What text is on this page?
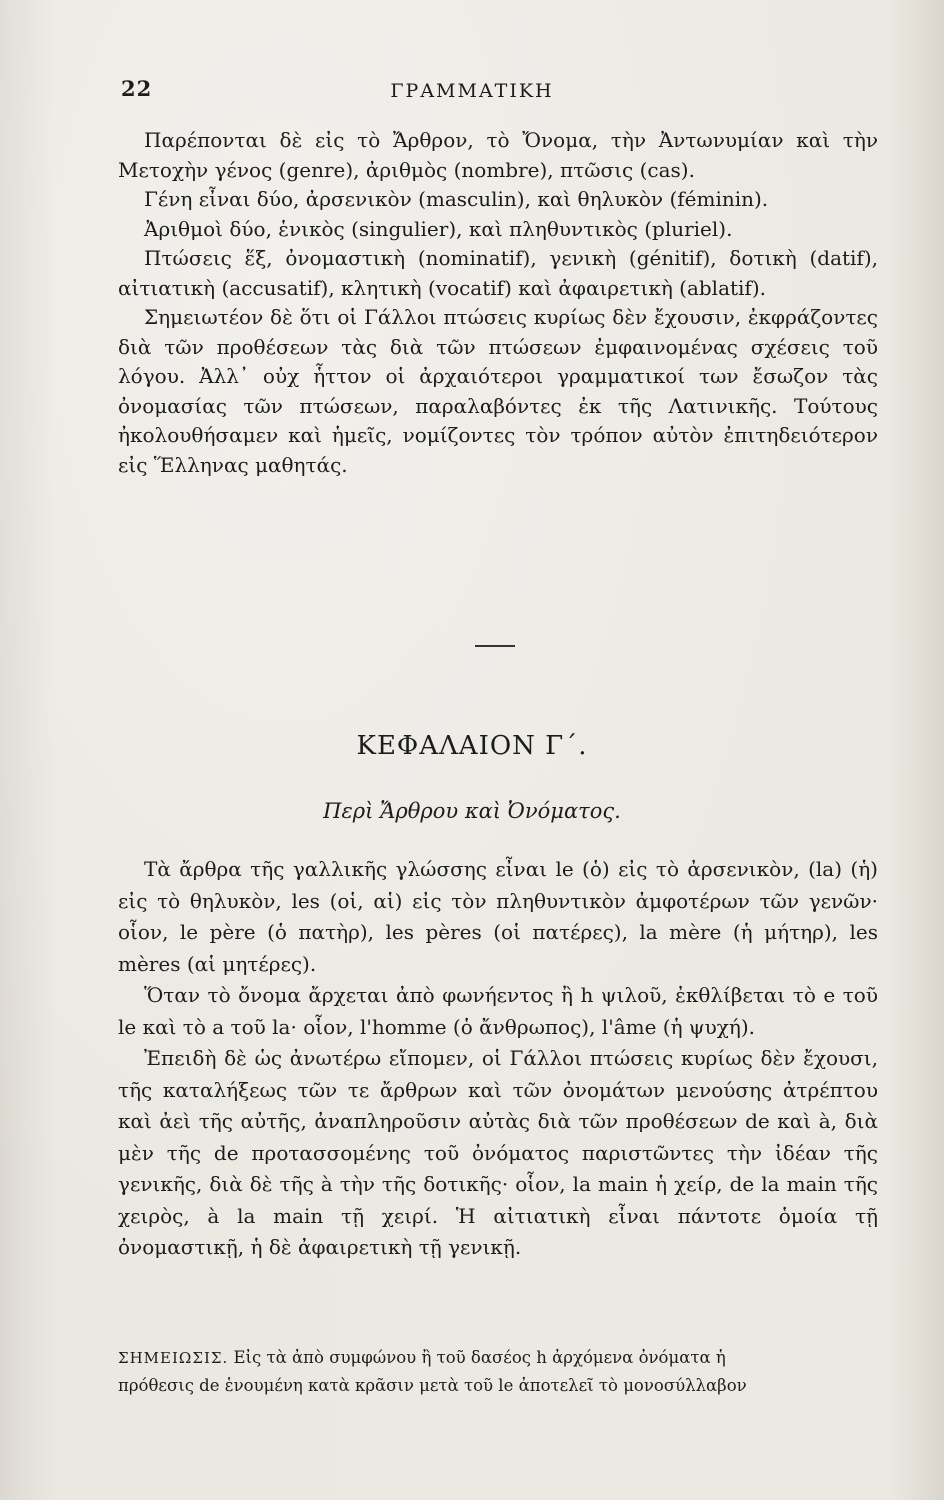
22	ΓΡΑΜΜΑΤΙΚΗ

Παρέπονται δὲ εἰς τὸ Ἄρθρον, τὸ Ὄνομα, τὴν Ἀντωνυμίαν καὶ τὴν Μετοχὴν γένος (genre), ἀριθμὸς (nombre), πτῶσις (cas).

Γένη εἶναι δύο, ἀρσενικὸν (masculin), καὶ θηλυκὸν (féminin).

Ἀριθμοὶ δύο, ἑνικὸς (singulier), καὶ πληθυντικὸς (pluriel).

Πτώσεις ἕξ, ὀνομαστικὴ (nominatif), γενικὴ (génitif), δοτικὴ (datif), αἰτιατικὴ (accusatif), κλητικὴ (vocatif) καὶ ἀφαιρετικὴ (ablatif).

Σημειωτέον δὲ ὅτι οἱ Γάλλοι πτώσεις κυρίως δὲν ἔχουσιν, ἐκφράζοντες διὰ τῶν προθέσεων τὰς διὰ τῶν πτώσεων ἐμφαινομένας σχέσεις τοῦ λόγου. Ἀλλ᾽ οὐχ ἧττον οἱ ἀρχαιότεροι γραμματικοί των ἔσωζον τὰς ὀνομασίας τῶν πτώσεων, παραλαβόντες ἐκ τῆς Λατινικῆς. Τούτους ἠκολουθήσαμεν καὶ ἡμεῖς, νομίζοντες τὸν τρόπον αὐτὸν ἐπιτηδειότερον εἰς Ἕλληνας μαθητάς.

ΚΕΦΑΛΑΙΟΝ Γ΄.
Περὶ Ἄρθρου καὶ Ὀνόματος.

Τὰ ἄρθρα τῆς γαλλικῆς γλώσσης εἶναι le (ὁ) εἰς τὸ ἀρσενικὸν, (la) (ἡ) εἰς τὸ θηλυκὸν, les (οἱ, αἱ) εἰς τὸν πληθυντικὸν ἀμφοτέρων τῶν γενῶν· οἷον, le père (ὁ πατὴρ), les pères (οἱ πατέρες), la mère (ἡ μήτηρ), les mères (αἱ μητέρες).

Ὅταν τὸ ὄνομα ἄρχεται ἀπὸ φωνήεντος ἢ h ψιλοῦ, ἐκθλίβεται τὸ e τοῦ le καὶ τὸ a τοῦ la· οἷον, l'homme (ὁ ἄνθρωπος), l'âme (ἡ ψυχή).

Ἐπειδὴ δὲ ὡς ἀνωτέρω εἴπομεν, οἱ Γάλλοι πτώσεις κυρίως δὲν ἔχουσι, τῆς καταλήξεως τῶν τε ἄρθρων καὶ τῶν ὀνομάτων μενούσης ἀτρέπτου καὶ ἀεὶ τῆς αὐτῆς, ἀναπληροῦσιν αὐτὰς διὰ τῶν προθέσεων de καὶ à, διὰ μὲν τῆς de προτασσομένης τοῦ ὀνόματος παριστῶντες τὴν ἰδέαν τῆς γενικῆς, διὰ δὲ τῆς à τὴν τῆς δοτικῆς· οἷον, la main ἡ χείρ, de la main τῆς χειρὸς, à la main τῇ χειρί. Ἡ αἰτιατικὴ εἶναι πάντοτε ὁμοία τῇ ὀνομαστικῇ, ἡ δὲ ἀφαιρετικὴ τῇ γενικῇ.

ΣΗΜΕΙΩΣΙΣ. Εἰς τὰ ἀπὸ συμφώνου ἢ τοῦ δασέος h ἀρχόμενα ὀνόματα ἡ
πρόθεσις de ἑνουμένη κατὰ κρᾶσιν μετὰ τοῦ le ἀποτελεῖ τὸ μονοσύλλαβον
